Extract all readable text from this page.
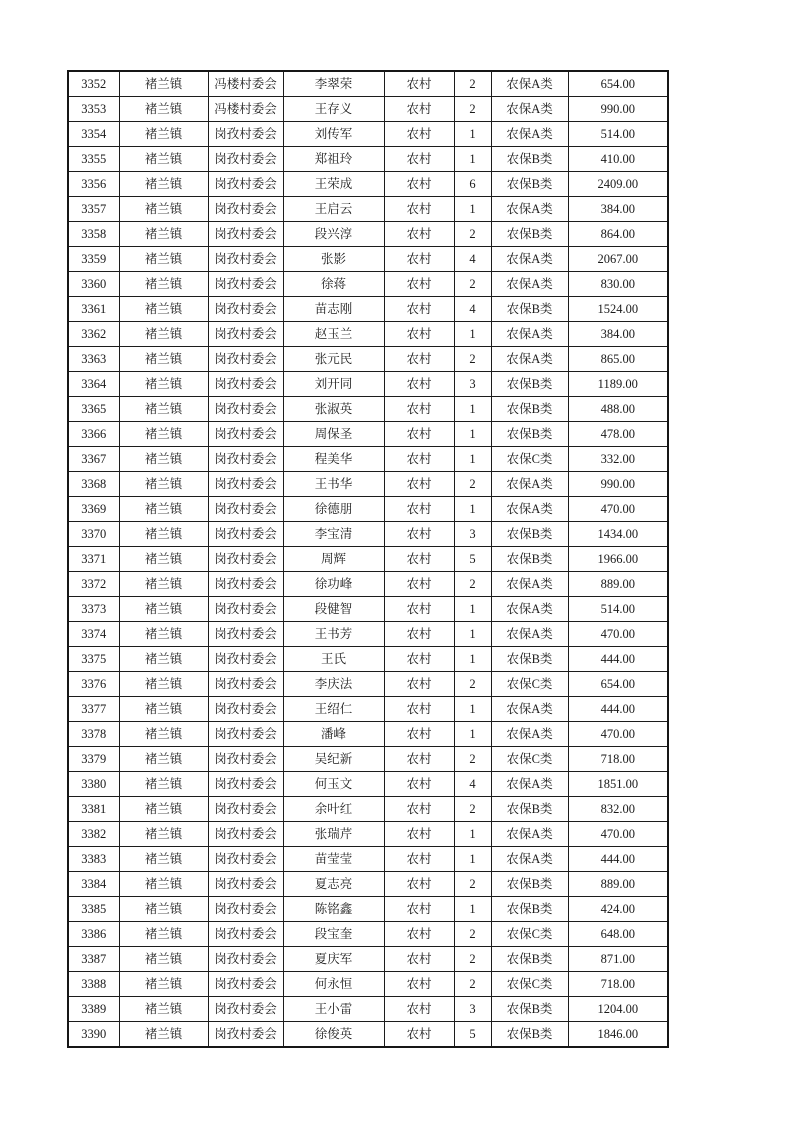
3352	褚兰镇	冯楼村委会	李翠荣	农村	2	农保A类	654.00
3353	褚兰镇	冯楼村委会	王存义	农村	2	农保A类	990.00
3354	褚兰镇	岗孜村委会	刘传军	农村	1	农保A类	514.00
3355	褚兰镇	岗孜村委会	郑祖玲	农村	1	农保B类	410.00
3356	褚兰镇	岗孜村委会	王荣成	农村	6	农保B类	2409.00
3357	褚兰镇	岗孜村委会	王启云	农村	1	农保A类	384.00
3358	褚兰镇	岗孜村委会	段兴淳	农村	2	农保B类	864.00
3359	褚兰镇	岗孜村委会	张影	农村	4	农保A类	2067.00
3360	褚兰镇	岗孜村委会	徐蒋	农村	2	农保A类	830.00
3361	褚兰镇	岗孜村委会	苗志刚	农村	4	农保B类	1524.00
3362	褚兰镇	岗孜村委会	赵玉兰	农村	1	农保A类	384.00
3363	褚兰镇	岗孜村委会	张元民	农村	2	农保A类	865.00
3364	褚兰镇	岗孜村委会	刘开同	农村	3	农保B类	1189.00
3365	褚兰镇	岗孜村委会	张淑英	农村	1	农保B类	488.00
3366	褚兰镇	岗孜村委会	周保圣	农村	1	农保B类	478.00
3367	褚兰镇	岗孜村委会	程美华	农村	1	农保C类	332.00
3368	褚兰镇	岗孜村委会	王书华	农村	2	农保A类	990.00
3369	褚兰镇	岗孜村委会	徐德朋	农村	1	农保A类	470.00
3370	褚兰镇	岗孜村委会	李宝清	农村	3	农保B类	1434.00
3371	褚兰镇	岗孜村委会	周辉	农村	5	农保B类	1966.00
3372	褚兰镇	岗孜村委会	徐功峰	农村	2	农保A类	889.00
3373	褚兰镇	岗孜村委会	段健智	农村	1	农保A类	514.00
3374	褚兰镇	岗孜村委会	王书芳	农村	1	农保A类	470.00
3375	褚兰镇	岗孜村委会	王氏	农村	1	农保B类	444.00
3376	褚兰镇	岗孜村委会	李庆法	农村	2	农保C类	654.00
3377	褚兰镇	岗孜村委会	王绍仁	农村	1	农保A类	444.00
3378	褚兰镇	岗孜村委会	潘峰	农村	1	农保A类	470.00
3379	褚兰镇	岗孜村委会	吴纪新	农村	2	农保C类	718.00
3380	褚兰镇	岗孜村委会	何玉文	农村	4	农保A类	1851.00
3381	褚兰镇	岗孜村委会	余叶红	农村	2	农保B类	832.00
3382	褚兰镇	岗孜村委会	张瑞芹	农村	1	农保A类	470.00
3383	褚兰镇	岗孜村委会	苗莹莹	农村	1	农保A类	444.00
3384	褚兰镇	岗孜村委会	夏志亮	农村	2	农保B类	889.00
3385	褚兰镇	岗孜村委会	陈铭鑫	农村	1	农保B类	424.00
3386	褚兰镇	岗孜村委会	段宝奎	农村	2	农保C类	648.00
3387	褚兰镇	岗孜村委会	夏庆军	农村	2	农保B类	871.00
3388	褚兰镇	岗孜村委会	何永恒	农村	2	农保C类	718.00
3389	褚兰镇	岗孜村委会	王小雷	农村	3	农保B类	1204.00
3390	褚兰镇	岗孜村委会	徐俊英	农村	5	农保B类	1846.00
